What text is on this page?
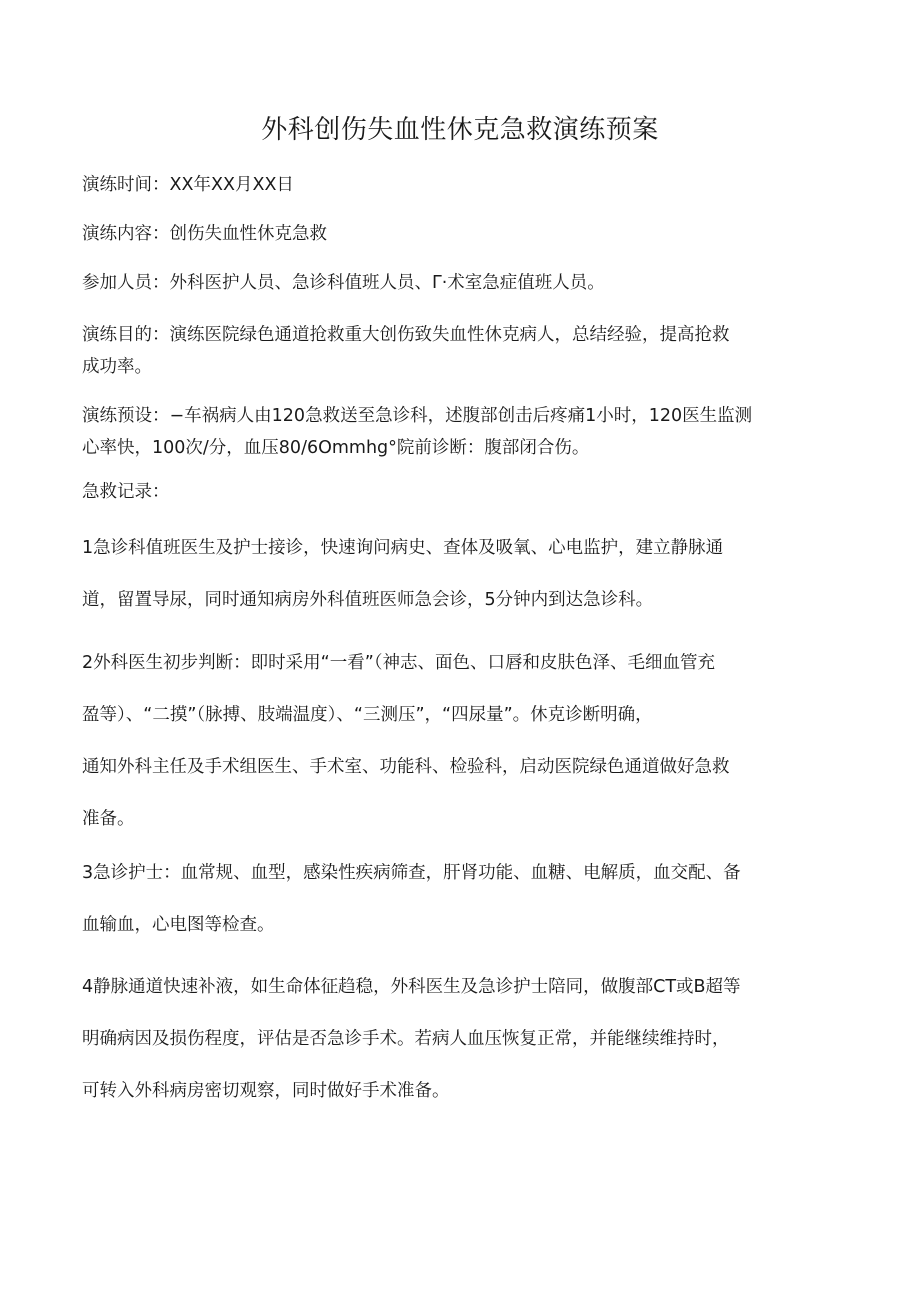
外科创伤失血性休克急救演练预案
演练时间：XX年XX月XX日
演练内容：创伤失血性休克急救
参加人员：外科医护人员、急诊科值班人员、Γ·术室急症值班人员。
演练目的：演练医院绿色通道抢救重大创伤致失血性休克病人，总结经验，提高抢救
成功率。
演练预设：−车祸病人由120急救送至急诊科，述腹部创击后疼痛1小时，120医生监测
心率快，100次/分，血压80/6Ommhg°院前诊断：腹部闭合伤。
急救记录：
1急诊科值班医生及护士接诊，快速询问病史、查体及吸氧、心电监护，建立静脉通
道，留置导尿，同时通知病房外科值班医师急会诊，5分钟内到达急诊科。
2外科医生初步判断：即时采用“一看”（神志、面色、口唇和皮肤色泽、毛细血管充
盈等）、“二摸”（脉搏、肢端温度）、“三测压”，“四尿量”。休克诊断明确，
通知外科主任及手术组医生、手术室、功能科、检验科，启动医院绿色通道做好急救
准备。
3急诊护士：血常规、血型，感染性疾病筛查，肝肾功能、血糖、电解质，血交配、备
血输血，心电图等检查。
4静脉通道快速补液，如生命体征趋稳，外科医生及急诊护士陪同，做腹部CT或B超等
明确病因及损伤程度，评估是否急诊手术。若病人血压恢复正常，并能继续维持时，
可转入外科病房密切观察，同时做好手术准备。
